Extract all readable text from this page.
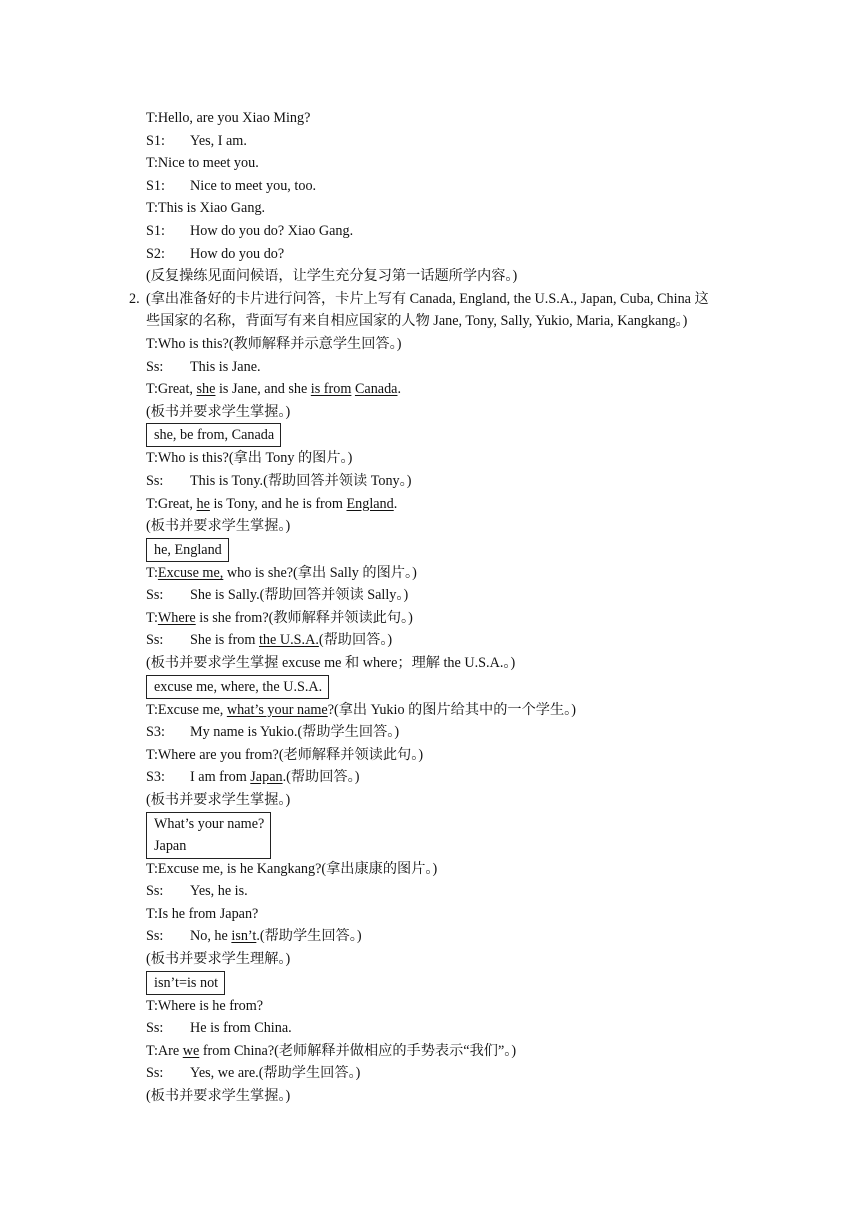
T:Hello, are you Xiao Ming?
S1: Yes, I am.
T:Nice to meet you.
S1: Nice to meet you, too.
T:This is Xiao Gang.
S1: How do you do? Xiao Gang.
S2: How do you do?
(反复操练见面问候语，让学生充分复习第一话题所学内容。)
2. (拿出准备好的卡片进行问答，卡片上写有 Canada, England, the U.S.A., Japan, Cuba, China 这
些国家的名称，背面写有来自相应国家的人物 Jane, Tony, Sally, Yukio, Maria, Kangkang。)
T:Who is this?(教师解释并示意学生回答。)
Ss: This is Jane.
T:Great, she is Jane, and she is from Canada.
(板书并要求学生掌握。)
she, be from, Canada
T:Who is this?(拿出 Tony 的图片。)
Ss: This is Tony.(帮助回答并领读 Tony。)
T:Great, he is Tony, and he is from England.
(板书并要求学生掌握。)
he, England
T:Excuse me, who is she?(拿出 Sally 的图片。)
Ss: She is Sally.(帮助回答并领读 Sally。)
T:Where is she from?(教师解释并领读此句。)
Ss: She is from the U.S.A.(帮助回答。)
(板书并要求学生掌握 excuse me 和 where；理解 the U.S.A.。)
excuse me, where, the U.S.A.
T:Excuse me, what’s your name?(拿出 Yukio 的图片给其中的一个学生。)
S3: My name is Yukio.(帮助学生回答。)
T:Where are you from?(老师解释并领读此句。)
S3: I am from Japan.(帮助回答。)
(板书并要求学生掌握。)
What’s your name?
Japan
T:Excuse me, is he Kangkang?(拿出康康的图片。)
Ss: Yes, he is.
T:Is he from Japan?
Ss: No, he isn’t.(帮助学生回答。)
(板书并要求学生理解。)
isn’t=is not
T:Where is he from?
Ss: He is from China.
T:Are we from China?(老师解释并做相应的手势表示“我们”。)
Ss: Yes, we are.(帮助学生回答。)
(板书并要求学生掌握。)
